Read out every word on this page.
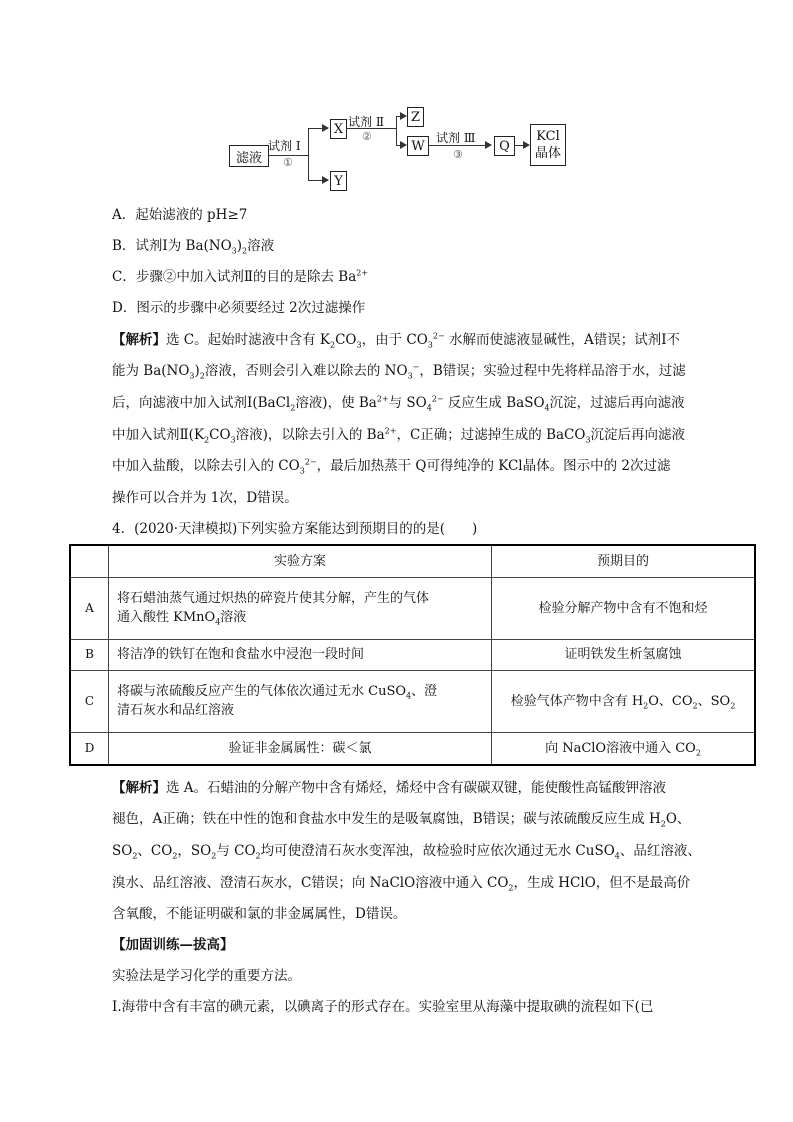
滤液
试剂 Ⅰ
①
X
Y
试剂 Ⅱ
②
Z
W
试剂 Ⅲ
③
Q
KCl
晶体
A．起始滤液的 pH≥7
B．试剂Ⅰ为 $Ba(NO_3)_2$溶液
C．步骤②中加入试剂Ⅱ的目的是除去 $Ba^{2+}$
D．图示的步骤中必须要经过 2次过滤操作
【解析】选 C。起始时滤液中含有 $K_2CO_3$，由于 $CO_3^{2-}$ 水解而使滤液显碱性，A错误；试剂Ⅰ不
能为 $Ba(NO_3)_2$溶液，否则会引入难以除去的 $NO_3^-$，B错误；实验过程中先将样品溶于水，过滤
后，向滤液中加入试剂Ⅰ(BaCl$_2$溶液)，使 $Ba^{2+}$与 $SO_4^{2-}$ 反应生成 BaSO$_4$沉淀，过滤后再向滤液
中加入试剂$Ⅱ(K_2CO_3$溶液)，以除去引入的 $Ba^{2+}$，C正确；过滤掉生成的 BaCO$_3$沉淀后再向滤液
中加入盐酸，以除去引入的 $CO_3^{2-}$，最后加热蒸干 Q可得纯净的 KCl晶体。图示中的 2次过滤
操作可以合并为 1次，D错误。
4．(2020·天津模拟)下列实验方案能达到预期目的的是(　　)
	实验方案	预期目的
A	将石蜡油蒸气通过炽热的碎瓷片使其分解，产生的气体
通入酸性 KMnO$_4$溶液	检验分解产物中含有不饱和烃
B	将洁净的铁钉在饱和食盐水中浸泡一段时间	证明铁发生析氢腐蚀
C	将碳与浓硫酸反应产生的气体依次通过无水 CuSO$_4$、澄
清石灰水和品红溶液	检验气体产物中含有 $H_2O$、$CO_2$、$SO_2$
D	验证非金属属性：碳＜氯	向 NaClO溶液中通入 $CO_2$
【解析】选 A。石蜡油的分解产物中含有烯烃，烯烃中含有碳碳双键，能使酸性高锰酸钾溶液
褪色，A正确；铁在中性的饱和食盐水中发生的是吸氧腐蚀，B错误；碳与浓硫酸反应生成 $H_2O$、
$SO_2$、$CO_2$，$SO_2$与 $CO_2$均可使澄清石灰水变浑浊，故检验时应依次通过无水 CuSO$_4$、品红溶液、
溴水、品红溶液、澄清石灰水，C错误；向 NaClO溶液中通入 $CO_2$，生成 HClO，但不是最高价
含氧酸，不能证明碳和氯的非金属属性，D错误。
【加固训练—拔高】
实验法是学习化学的重要方法。
Ⅰ.海带中含有丰富的碘元素，以碘离子的形式存在。实验室里从海藻中提取碘的流程如下(已
